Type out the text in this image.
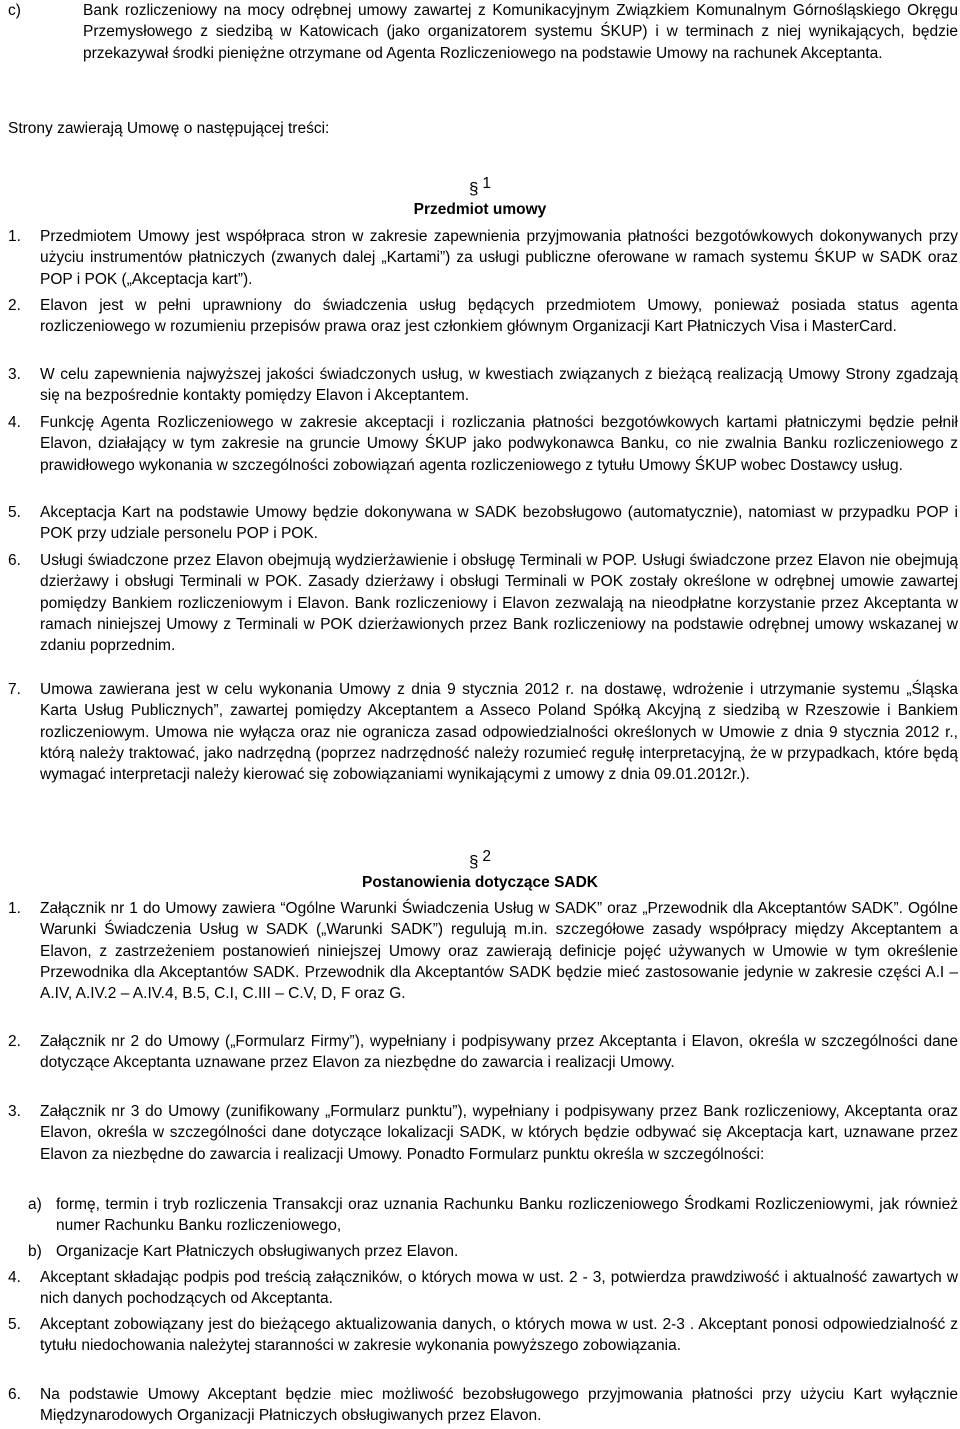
c)	Bank rozliczeniowy na mocy odrębnej umowy zawartej z Komunikacyjnym Związkiem Komunalnym Górnośląskiego Okręgu Przemysłowego z siedzibą w Katowicach (jako organizatorem systemu ŚKUP) i w terminach z niej wynikających, będzie przekazywał środki pieniężne otrzymane od Agenta Rozliczeniowego na podstawie Umowy na rachunek Akceptanta.
Strony zawierają Umowę o następującej treści:
§ 1
Przedmiot umowy
1. Przedmiotem Umowy jest współpraca stron w zakresie zapewnienia przyjmowania płatności bezgotówkowych dokonywanych przy użyciu instrumentów płatniczych (zwanych dalej „Kartami”) za usługi publiczne oferowane w ramach systemu ŚKUP w SADK oraz POP i POK („Akceptacja kart”).
2. Elavon jest w pełni uprawniony do świadczenia usług będących przedmiotem Umowy, ponieważ posiada status agenta rozliczeniowego w rozumieniu przepisów prawa oraz jest członkiem głównym Organizacji Kart Płatniczych Visa i MasterCard.
3. W celu zapewnienia najwyższej jakości świadczonych usług, w kwestiach związanych z bieżącą realizacją Umowy Strony zgadzają się na bezpośrednie kontakty pomiędzy Elavon i Akceptantem.
4. Funkcję Agenta Rozliczeniowego w zakresie akceptacji i rozliczania płatności bezgotówkowych kartami płatniczymi będzie pełnił Elavon, działający w tym zakresie na gruncie Umowy ŚKUP jako podwykonawca Banku, co nie zwalnia Banku rozliczeniowego z prawidłowego wykonania w szczególności zobowiązań agenta rozliczeniowego z tytułu Umowy ŚKUP wobec Dostawcy usług.
5. Akceptacja Kart na podstawie Umowy będzie dokonywana w SADK bezobsługowo (automatycznie), natomiast w przypadku POP i POK przy udziale personelu POP i POK.
6. Usługi świadczone przez Elavon obejmują wydzierżawienie i obsługę Terminali w POP. Usługi świadczone przez Elavon nie obejmują dzierżawy i obsługi Terminali w POK. Zasady dzierżawy i obsługi Terminali w POK zostały określone w odrębnej umowie zawartej pomiędzy Bankiem rozliczeniowym i Elavon. Bank rozliczeniowy i Elavon zezwalają na nieodpłatne korzystanie przez Akceptanta w ramach niniejszej Umowy z Terminali w POK dzierżawionych przez Bank rozliczeniowy na podstawie odrębnej umowy wskazanej w zdaniu poprzednim.
7. Umowa zawierana jest w celu wykonania Umowy z dnia 9 stycznia 2012 r. na dostawę, wdrożenie i utrzymanie systemu „Śląska Karta Usług Publicznych”, zawartej pomiędzy Akceptantem a Asseco Poland Spółką Akcyjną z siedzibą w Rzeszowie i Bankiem rozliczeniowym. Umowa nie wyłącza oraz nie ogranicza zasad odpowiedzialności określonych w Umowie z dnia 9 stycznia 2012 r., którą należy traktować, jako nadrzędną (poprzez nadrzędność należy rozumieć regułę interpretacyjną, że w przypadkach, które będą wymagać interpretacji należy kierować się zobowiązaniami wynikającymi z umowy z dnia 09.01.2012r.).
§ 2
Postanowienia dotyczące SADK
1. Załącznik nr 1 do Umowy zawiera “Ogólne Warunki Świadczenia Usług w SADK” oraz „Przewodnik dla Akceptantów SADK”. Ogólne Warunki Świadczenia Usług w SADK („Warunki SADK”) regulują m.in. szczegółowe zasady współpracy między Akceptantem a Elavon, z zastrzeżeniem postanowień niniejszej Umowy oraz zawierają definicje pojęć używanych w Umowie w tym określenie Przewodnika dla Akceptantów SADK. Przewodnik dla Akceptantów SADK będzie mieć zastosowanie jedynie w zakresie części A.I – A.IV, A.IV.2 – A.IV.4, B.5, C.I, C.III – C.V, D, F oraz G.
2. Załącznik nr 2 do Umowy („Formularz Firmy”), wypełniany i podpisywany przez Akceptanta i Elavon, określa w szczególności dane dotyczące Akceptanta uznawane przez Elavon za niezbędne do zawarcia i realizacji Umowy.
3. Załącznik nr 3 do Umowy (zunifikowany „Formularz punktu”), wypełniany i podpisywany przez Bank rozliczeniowy, Akceptanta oraz Elavon, określa w szczególności dane dotyczące lokalizacji SADK, w których będzie odbywać się Akceptacja kart, uznawane przez Elavon za niezbędne do zawarcia i realizacji Umowy. Ponadto Formularz punktu określa w szczególności:
a) formę, termin i tryb rozliczenia Transakcji oraz uznania Rachunku Banku rozliczeniowego Środkami Rozliczeniowymi, jak również numer Rachunku Banku rozliczeniowego,
b) Organizacje Kart Płatniczych obsługiwanych przez Elavon.
4. Akceptant składając podpis pod treścią załączników, o których mowa w ust. 2 - 3, potwierdza prawdziwość i aktualność zawartych w nich danych pochodzących od Akceptanta.
5. Akceptant zobowiązany jest do bieżącego aktualizowania danych, o których mowa w ust. 2-3 . Akceptant ponosi odpowiedzialność z tytułu niedochowania należytej staranności w zakresie wykonania powyższego zobowiązania.
6. Na podstawie Umowy Akceptant będzie miec możliwość bezobsługowego przyjmowania płatności przy użyciu Kart wyłącznie Międzynarodowych Organizacji Płatniczych obsługiwanych przez Elavon.
